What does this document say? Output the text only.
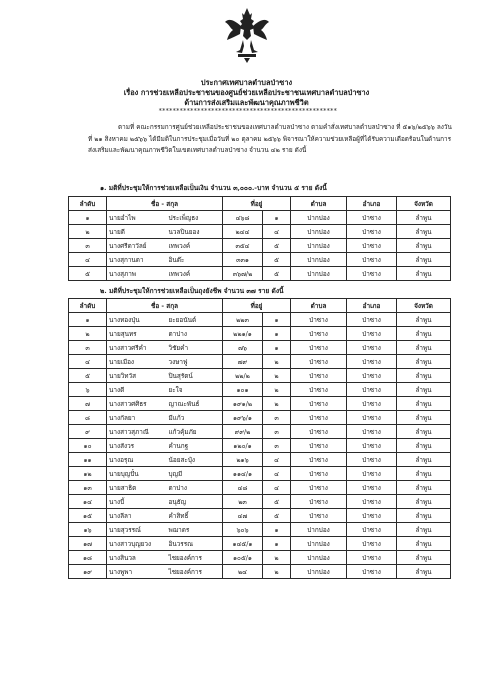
ประกาศเทศบาลตำบลป่าซาง
เรื่อง การช่วยเหลือประชาชนของศูนย์ช่วยเหลือประชาชนเทศบาลตำบลป่าซาง
ด้านการส่งเสริมและพัฒนาคุณภาพชีวิต
***************************************************
ตามที่ คณะกรรมการศูนย์ช่วยเหลือประชาชนของเทศบาลตำบลป่าซาง ตามคำสั่งเทศบาลตำบลป่าซาง ที่ ๕๑๖/๒๕๖๖ ลงวันที่ ๒๑ สิงหาคม ๒๕๖๖ ได้มีมติในการประชุมเมื่อวันที่ ๒๐ ตุลาคม ๒๕๖๖ พิจารณาให้ความช่วยเหลือผู้ที่ได้รับความเดือดร้อนในด้านการส่งเสริมและพัฒนาคุณภาพชีวิตในเขตเทศบาลตำบลป่าซาง จำนวน ๔๒ ราย ดังนี้
๑. มติที่ประชุมให้การช่วยเหลือเป็นเงิน จำนวน ๓,๐๐๐.-บาท จำนวน ๕ ราย ดังนี้
ลำดับ	ชื่อ - สกุล		ที่อยู่		ตำบล	อำเภอ	จังหวัด
๑	นายอำไพ	ประเพ็ญธง	๔๖๘	๑	ปากบ่อง	ป่าซาง	ลำพูน
๒	นายดี	นวลปินยอง	๒๔๔	๔	ปากบ่อง	ป่าซาง	ลำพูน
๓	นางศรีดาวัลย์	เทพวงค์	๓๕๔	๕	ปากบ่อง	ป่าซาง	ลำพูน
๔	นางสุกานดา	อินต๊ะ	๓๓๑	๕	ปากบ่อง	ป่าซาง	ลำพูน
๕	นางสุภาพ	เทพวงค์	๓๖๗/๒	๕	ปากบ่อง	ป่าซาง	ลำพูน
๒. มติที่ประชุมให้การช่วยเหลือเป็นถุงยังชีพ จำนวน ๓๗ ราย ดังนี้
ลำดับ	ชื่อ - สกุล		ที่อยู่		ตำบล	อำเภอ	จังหวัด
๑	นางทองปุ่น	ยะยอนันต์	๒๒๓	๑	ป่าซาง	ป่าซาง	ลำพูน
๒	นายสุนทร	ตาปาง	๒๒๑/๑	๑	ป่าซาง	ป่าซาง	ลำพูน
๓	นางสาวศรีคำ	วิชัยคำ	๗๖	๑	ป่าซาง	ป่าซาง	ลำพูน
๔	นายเมือง	วงษาฟู	๗๙	๒	ป่าซาง	ป่าซาง	ลำพูน
๕	นายวิทวัส	ปินสุรัตน์	๒๒/๒	๒	ป่าซาง	ป่าซาง	ลำพูน
๖	นางดี	ยะใจ	๑๐๑	๒	ป่าซาง	ป่าซาง	ลำพูน
๗	นางสาวศศิธร	ญาณะพันธ์	๑๙๑/๒	๒	ป่าซาง	ป่าซาง	ลำพูน
๘	นางกัลยา	มีแก้ว	๑๙๖/๑	๓	ป่าซาง	ป่าซาง	ลำพูน
๙	นางสาวสุภาณี	แก้วคุ้มภัย	๙๙/๒	๓	ป่าซาง	ป่าซาง	ลำพูน
๑๐	นางสังวร	คำนกฐ	๑๒๐/๑	๓	ป่าซาง	ป่าซาง	ลำพูน
๑๑	นางอรุณ	น้อยสะปุ๋ง	๒๑๖	๔	ป่าซาง	ป่าซาง	ลำพูน
๑๒	นายบุญปั๋น	บุญมี	๑๑๔/๑	๔	ป่าซาง	ป่าซาง	ลำพูน
๑๓	นายสาธิต	ตาปาง	๔๘	๔	ป่าซาง	ป่าซาง	ลำพูน
๑๔	นางบี้	อนุธัญ	๒๓	๕	ป่าซาง	ป่าซาง	ลำพูน
๑๕	นางลีลา	คำสิทธิ์	๔๗	๕	ป่าซาง	ป่าซาง	ลำพูน
๑๖	นายสุวรรณ์	พฌาดร	๖๐๖	๑	ปากบ่อง	ป่าซาง	ลำพูน
๑๗	นางสาวบุญยวง	อินวรรณ	๑๔๕/๑	๑	ปากบ่อง	ป่าซาง	ลำพูน
๑๘	นางสินวล	ไชยองค์การ	๑๐๕/๑	๒	ปากบ่อง	ป่าซาง	ลำพูน
๑๙	นางพูพา	ไชยองค์การ	๒๔	๒	ปากบ่อง	ป่าซาง	ลำพูน
